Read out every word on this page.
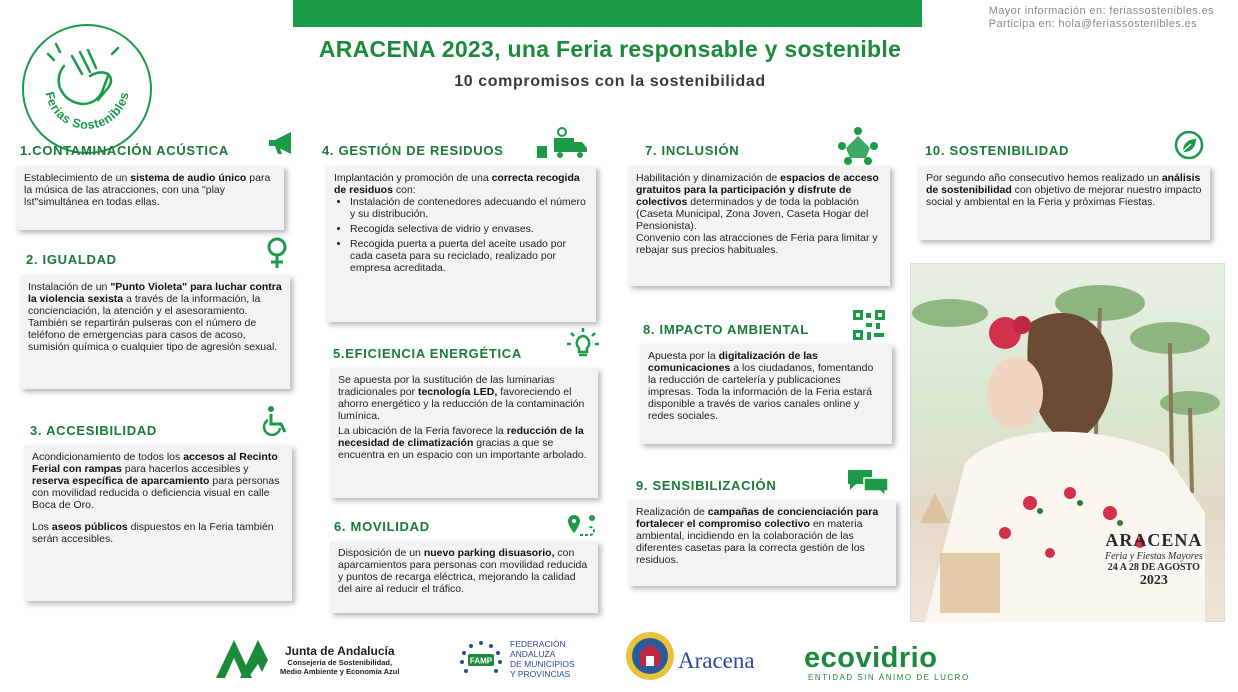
Mayor información en: feriassostenibles.es
Participa en: hola@feriassostenibles.es
Ferias Sostenibles
ARACENA 2023, una Feria responsable y sostenible
10 compromisos con la sostenibilidad
1.CONTAMINACIÓN ACÚSTICA

Establecimiento de un sistema de audio único para la música de las atracciones, con una "play lst"simultánea en todas ellas.

2. IGUALDAD

Instalación de un "Punto Violeta" para luchar contra la violencia sexista a través de la información, la concienciación, la atención y el asesoramiento.

También se repartirán pulseras con el número de teléfono de emergencias para casos de acoso, sumisión química o cualquier tipo de agresión sexual.

3. ACCESIBILIDAD

Acondicionamiento de todos los accesos al Recinto Ferial con rampas para hacerlos accesibles y reserva específica de aparcamiento para personas con movilidad reducida o deficiencia visual en calle Boca de Oro.

Los aseos públicos dispuestos en la Feria también serán accesibles.

4. GESTIÓN DE RESIDUOS

Implantación y promoción de una correcta recogida de residuos con:

• Instalación de contenedores adecuando el número y su distribución.
• Recogida selectiva de vidrio y envases.
• Recogida puerta a puerta del aceite usado por cada caseta para su reciclado, realizado por empresa acreditada.
5.EFICIENCIA ENERGÉTICA

Se apuesta por la sustitución de las luminarias tradicionales por tecnología LED, favoreciendo el ahorro energético y la reducción de la contaminación lumínica.

La ubicación de la Feria favorece la reducción de la necesidad de climatización gracias a que se encuentra en un espacio con un importante arbolado.

6. MOVILIDAD

Disposición de un nuevo parking disuasorio, con aparcamientos para personas con movilidad reducida y puntos de recarga eléctrica, mejorando la calidad del aire al reducir el tráfico.

7. INCLUSIÓN

Habilitación y dinamización de espacios de acceso gratuitos para la participación y disfrute de colectivos determinados y de toda la población (Caseta Municipal, Zona Joven, Caseta Hogar del Pensionista).

Convenio con las atracciones de Feria para limitar y rebajar sus precios habituales.

8. IMPACTO AMBIENTAL

Apuesta por la digitalización de las comunicaciones a los ciudadanos, fomentando la reducción de cartelería y publicaciones impresas. Toda la información de la Feria estará disponible a través de varios canales online y redes sociales.

9. SENSIBILIZACIÓN

Realización de campañas de concienciación para fortalecer el compromiso colectivo en materia ambiental, incidiendo en la colaboración de las diferentes casetas para la correcta gestión de los residuos.

10. SOSTENIBILIDAD

Por segundo año consecutivo hemos realizado un análisis de sostenibilidad con objetivo de mejorar nuestro impacto social y ambiental en la Feria y próximas Fiestas.

ARACENA
Feria y Fiestas Mayores
24 A 28 DE AGOSTO
2023
Junta de Andalucía
Consejería de Sostenibilidad,
Medio Ambiente y Economía Azul
FAMP
FEDERACIÓN
ANDALUZA
DE MUNICIPIOS
Y PROVINCIAS
Aracena ecovidrio
ENTIDAD SIN ÁNIMO DE LUCRO
